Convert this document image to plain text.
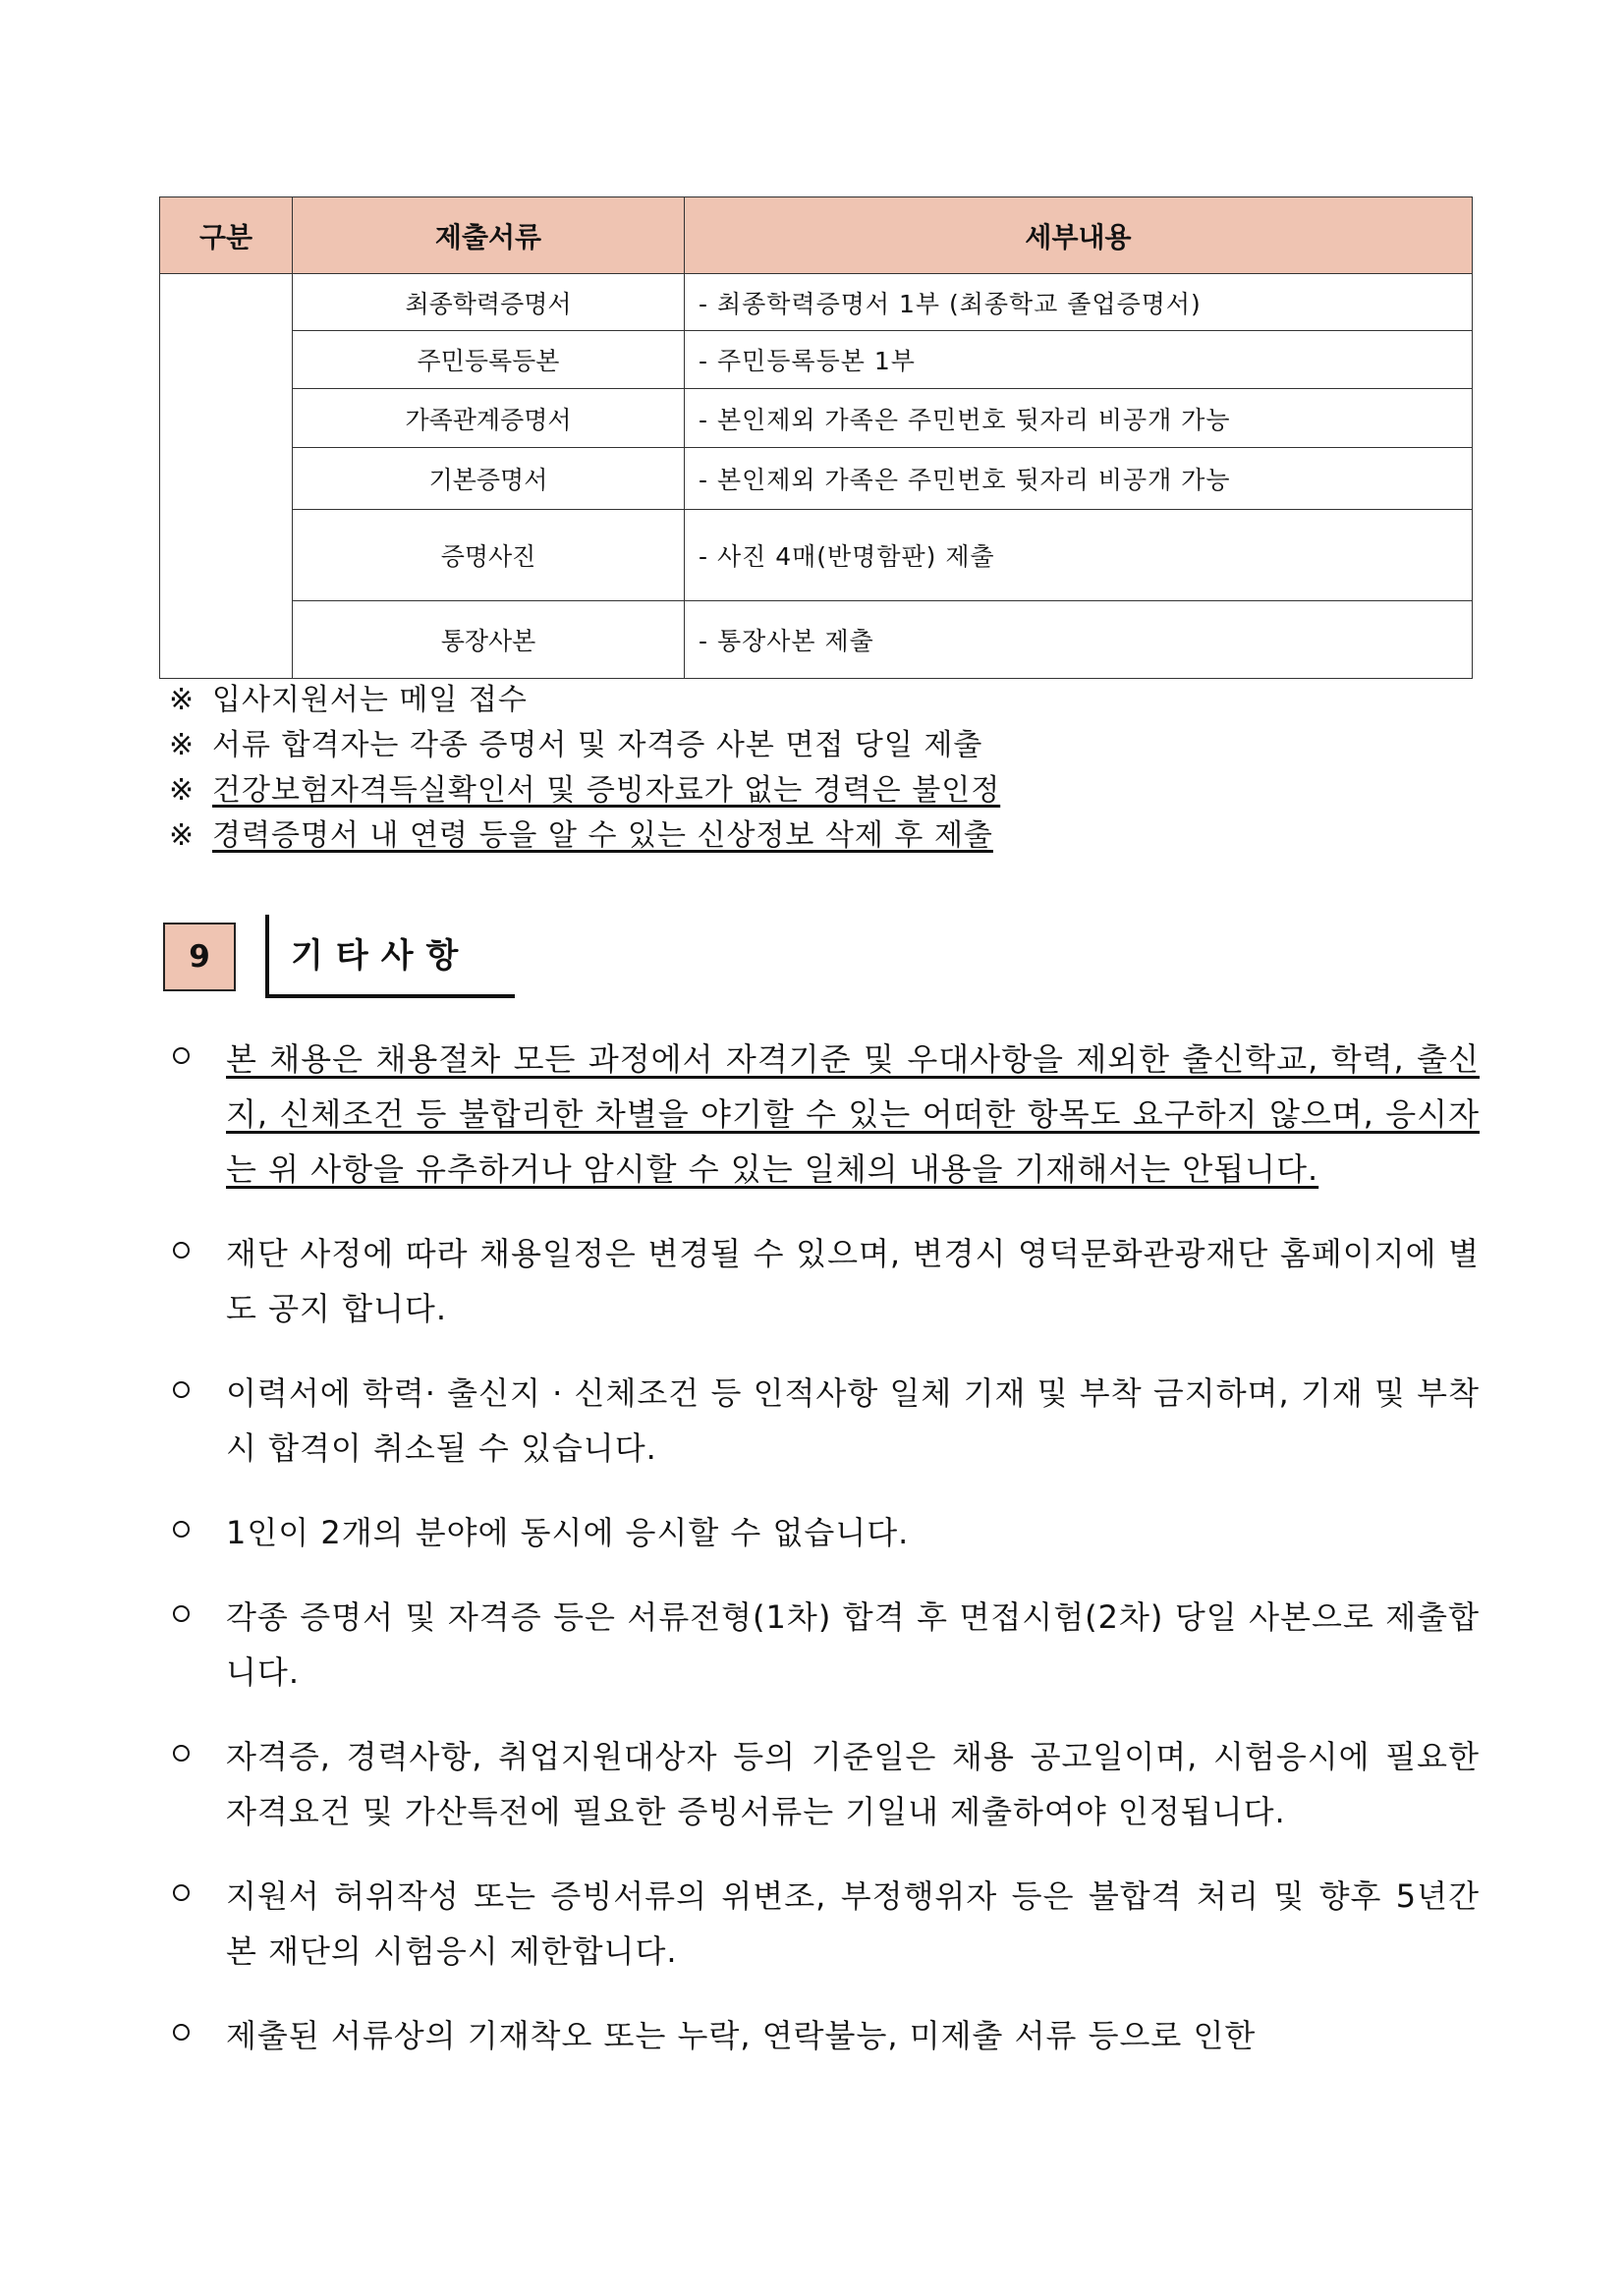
구분	제출서류	세부내용
	최종학력증명서	- 최종학력증명서 1부 (최종학교 졸업증명서)
	주민등록등본	- 주민등록등본 1부
	가족관계증명서	- 본인제외 가족은 주민번호 뒷자리 비공개 가능
	기본증명서	- 본인제외 가족은 주민번호 뒷자리 비공개 가능
	증명사진	- 사진 4매(반명함판) 제출
	통장사본	- 통장사본 제출
※ 입사지원서는 메일 접수
※ 서류 합격자는 각종 증명서 및 자격증 사본 면접 당일 제출
※ 건강보험자격득실확인서 및 증빙자료가 없는 경력은 불인정
※ 경력증명서 내 연령 등을 알 수 있는 신상정보 삭제 후 제출
9	기타사항
본 채용은 채용절차 모든 과정에서 자격기준 및 우대사항을 제외한 출신학교, 학력, 출신지, 신체조건 등 불합리한 차별을 야기할 수 있는 어떠한 항목도 요구하지 않으며, 응시자는 위 사항을 유추하거나 암시할 수 있는 일체의 내용을 기재해서는 안됩니다.
재단 사정에 따라 채용일정은 변경될 수 있으며, 변경시 영덕문화관광재단 홈페이지에 별도 공지 합니다.
이력서에 학력· 출신지 · 신체조건 등 인적사항 일체 기재 및 부착 금지하며, 기재 및 부착시 합격이 취소될 수 있습니다.
1인이 2개의 분야에 동시에 응시할 수 없습니다.
각종 증명서 및 자격증 등은 서류전형(1차) 합격 후 면접시험(2차) 당일 사본으로 제출합니다.
자격증, 경력사항, 취업지원대상자 등의 기준일은 채용 공고일이며, 시험응시에 필요한 자격요건 및 가산특전에 필요한 증빙서류는 기일내 제출하여야 인정됩니다.
지원서 허위작성 또는 증빙서류의 위변조, 부정행위자 등은 불합격 처리 및 향후 5년간 본 재단의 시험응시 제한합니다.
제출된 서류상의 기재착오 또는 누락, 연락불능, 미제출 서류 등으로 인한
